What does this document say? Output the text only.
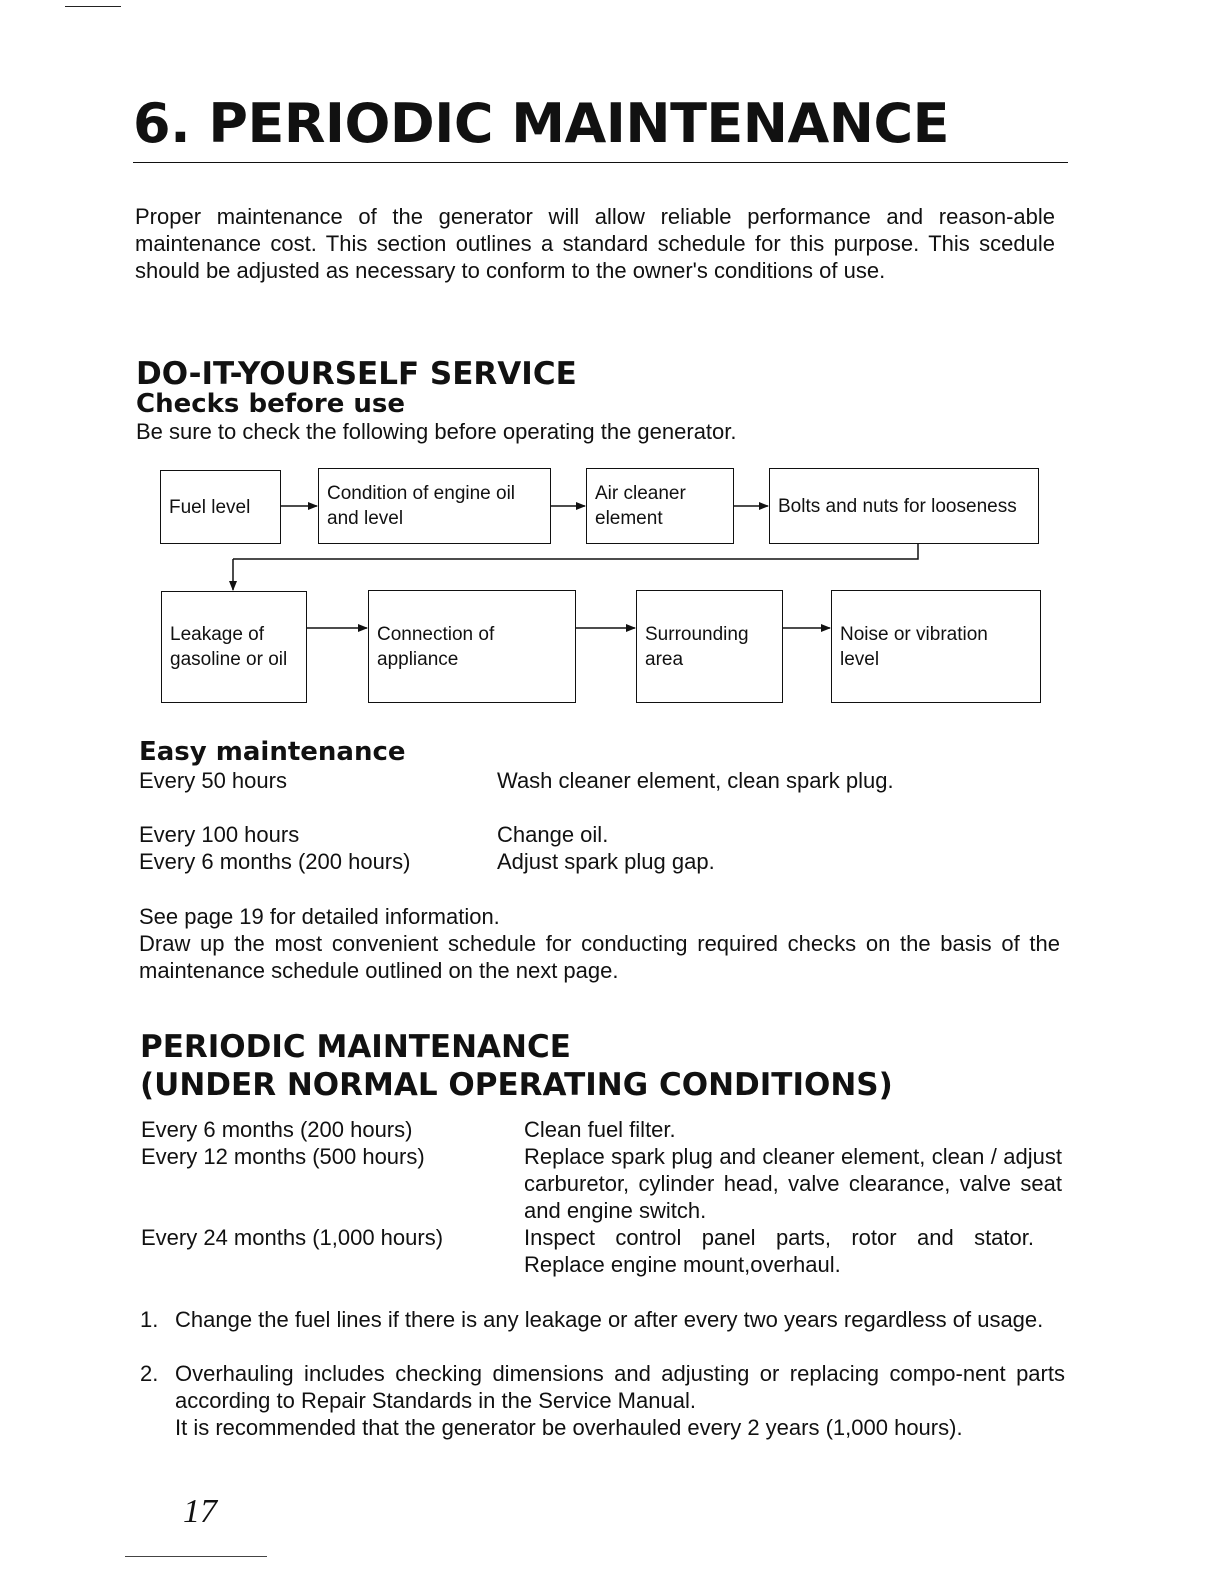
6. PERIODIC MAINTENANCE

Proper maintenance of the generator will allow reliable performance and reason-able maintenance cost. This section outlines a standard schedule for this purpose. This scedule should be adjusted as necessary to conform to the owner's conditions of use.

DO-IT-YOURSELF SERVICE
Checks before use
Be sure to check the following before operating the generator.
Fuel level
Condition of engine oil and level
Air cleaner element
Bolts and nuts for looseness
Leakage of gasoline or oil
Connection of appliance
Surrounding area
Noise or vibration level
Easy maintenance
Every 50 hours	Wash cleaner element, clean spark plug.
Every 100 hours	Change oil.
Every 6 months (200 hours)	Adjust spark plug gap.
See page 19 for detailed information.

Draw up the most convenient schedule for conducting required checks on the basis of the maintenance schedule outlined on the next page.

PERIODIC MAINTENANCE
(UNDER NORMAL OPERATING CONDITIONS)
Every 6 months (200 hours)	Clean fuel filter.

Every 12 months (500 hours)	Replace spark plug and cleaner element, clean / adjust carburetor, cylinder head, valve clearance, valve seat and engine switch.

Every 24 months (1,000 hours)	Inspect control panel parts, rotor and stator. Replace engine mount,overhaul.

1. Change the fuel lines if there is any leakage or after every two years regardless of usage.
2. Overhauling includes checking dimensions and adjusting or replacing compo-nent parts according to Repair Standards in the Service Manual.
It is recommended that the generator be overhauled every 2 years (1,000 hours).
17
